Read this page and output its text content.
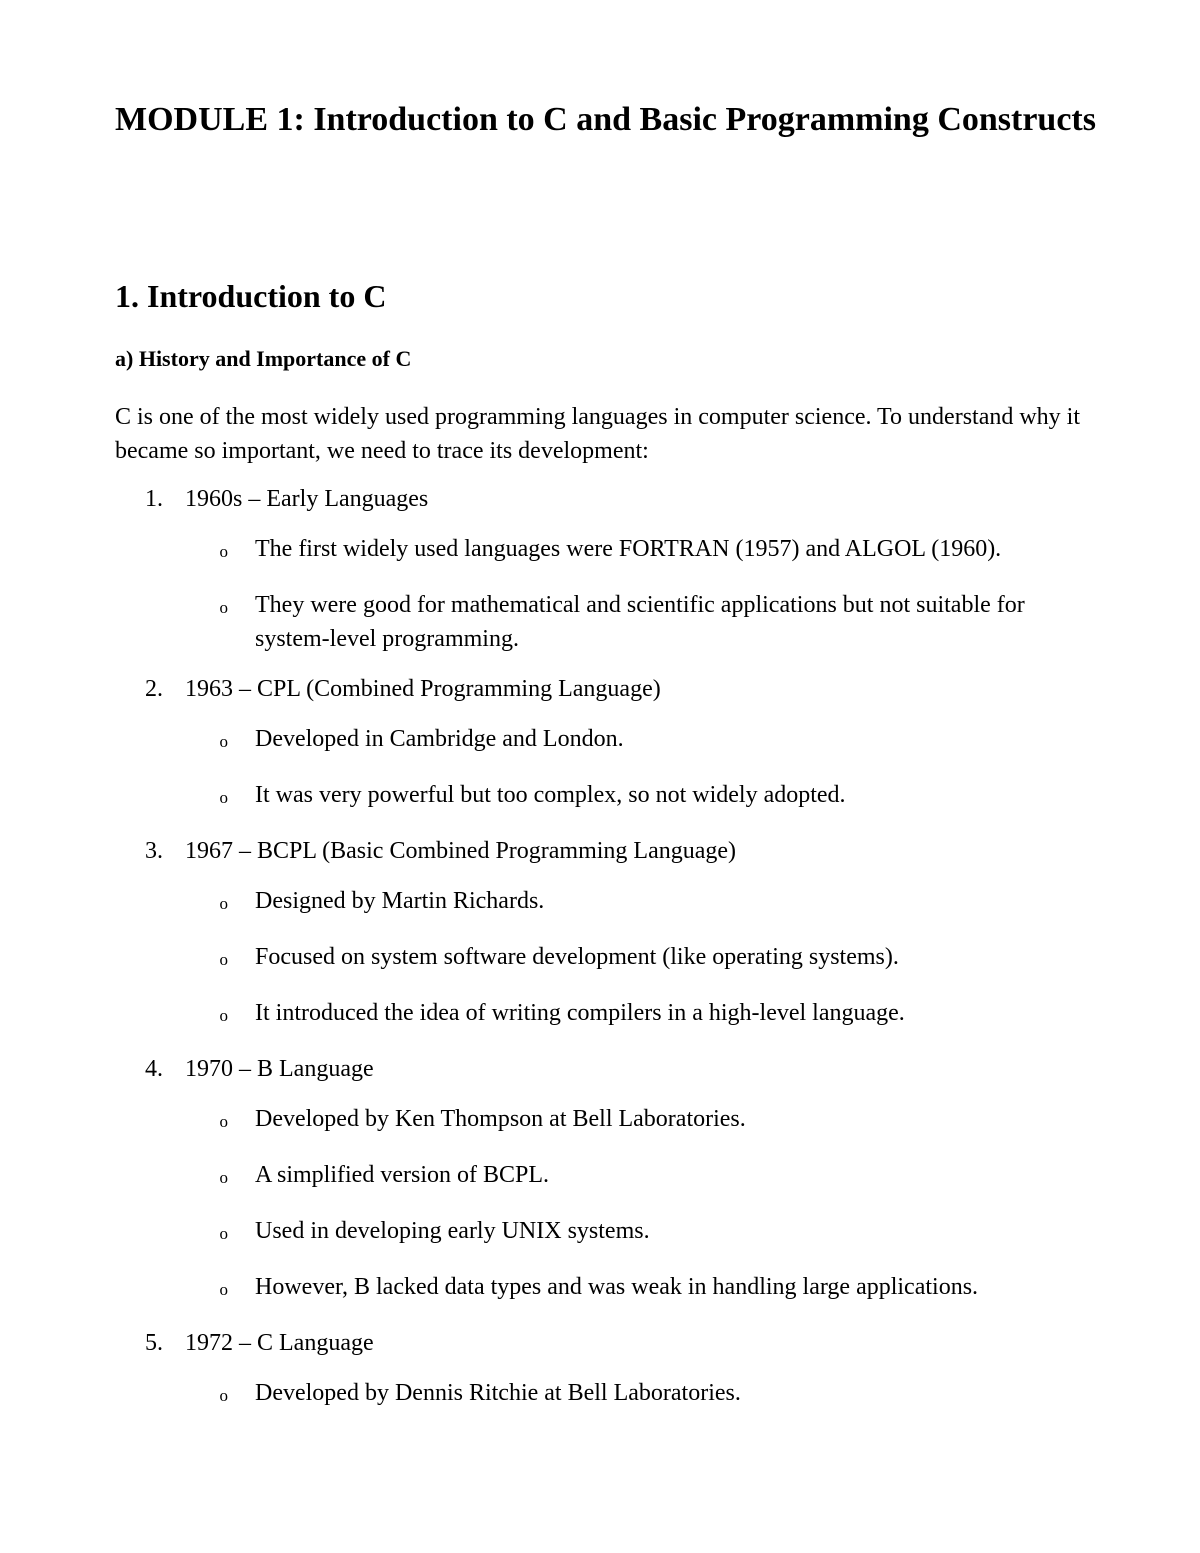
MODULE 1: Introduction to C and Basic Programming Constructs
1. Introduction to C
a) History and Importance of C

C is one of the most widely used programming languages in computer science. To understand why it became so important, we need to trace its development:

1. 1960s – Early Languages
o	The first widely used languages were FORTRAN (1957) and ALGOL (1960).
o	They were good for mathematical and scientific applications but not suitable for system-level programming.
2. 1963 – CPL (Combined Programming Language)
o	Developed in Cambridge and London.
o	It was very powerful but too complex, so not widely adopted.
3. 1967 – BCPL (Basic Combined Programming Language)
o	Designed by Martin Richards.
o	Focused on system software development (like operating systems).
o	It introduced the idea of writing compilers in a high-level language.
4. 1970 – B Language
o	Developed by Ken Thompson at Bell Laboratories.
o	A simplified version of BCPL.
o	Used in developing early UNIX systems.
o	However, B lacked data types and was weak in handling large applications.
5. 1972 – C Language
o	Developed by Dennis Ritchie at Bell Laboratories.
